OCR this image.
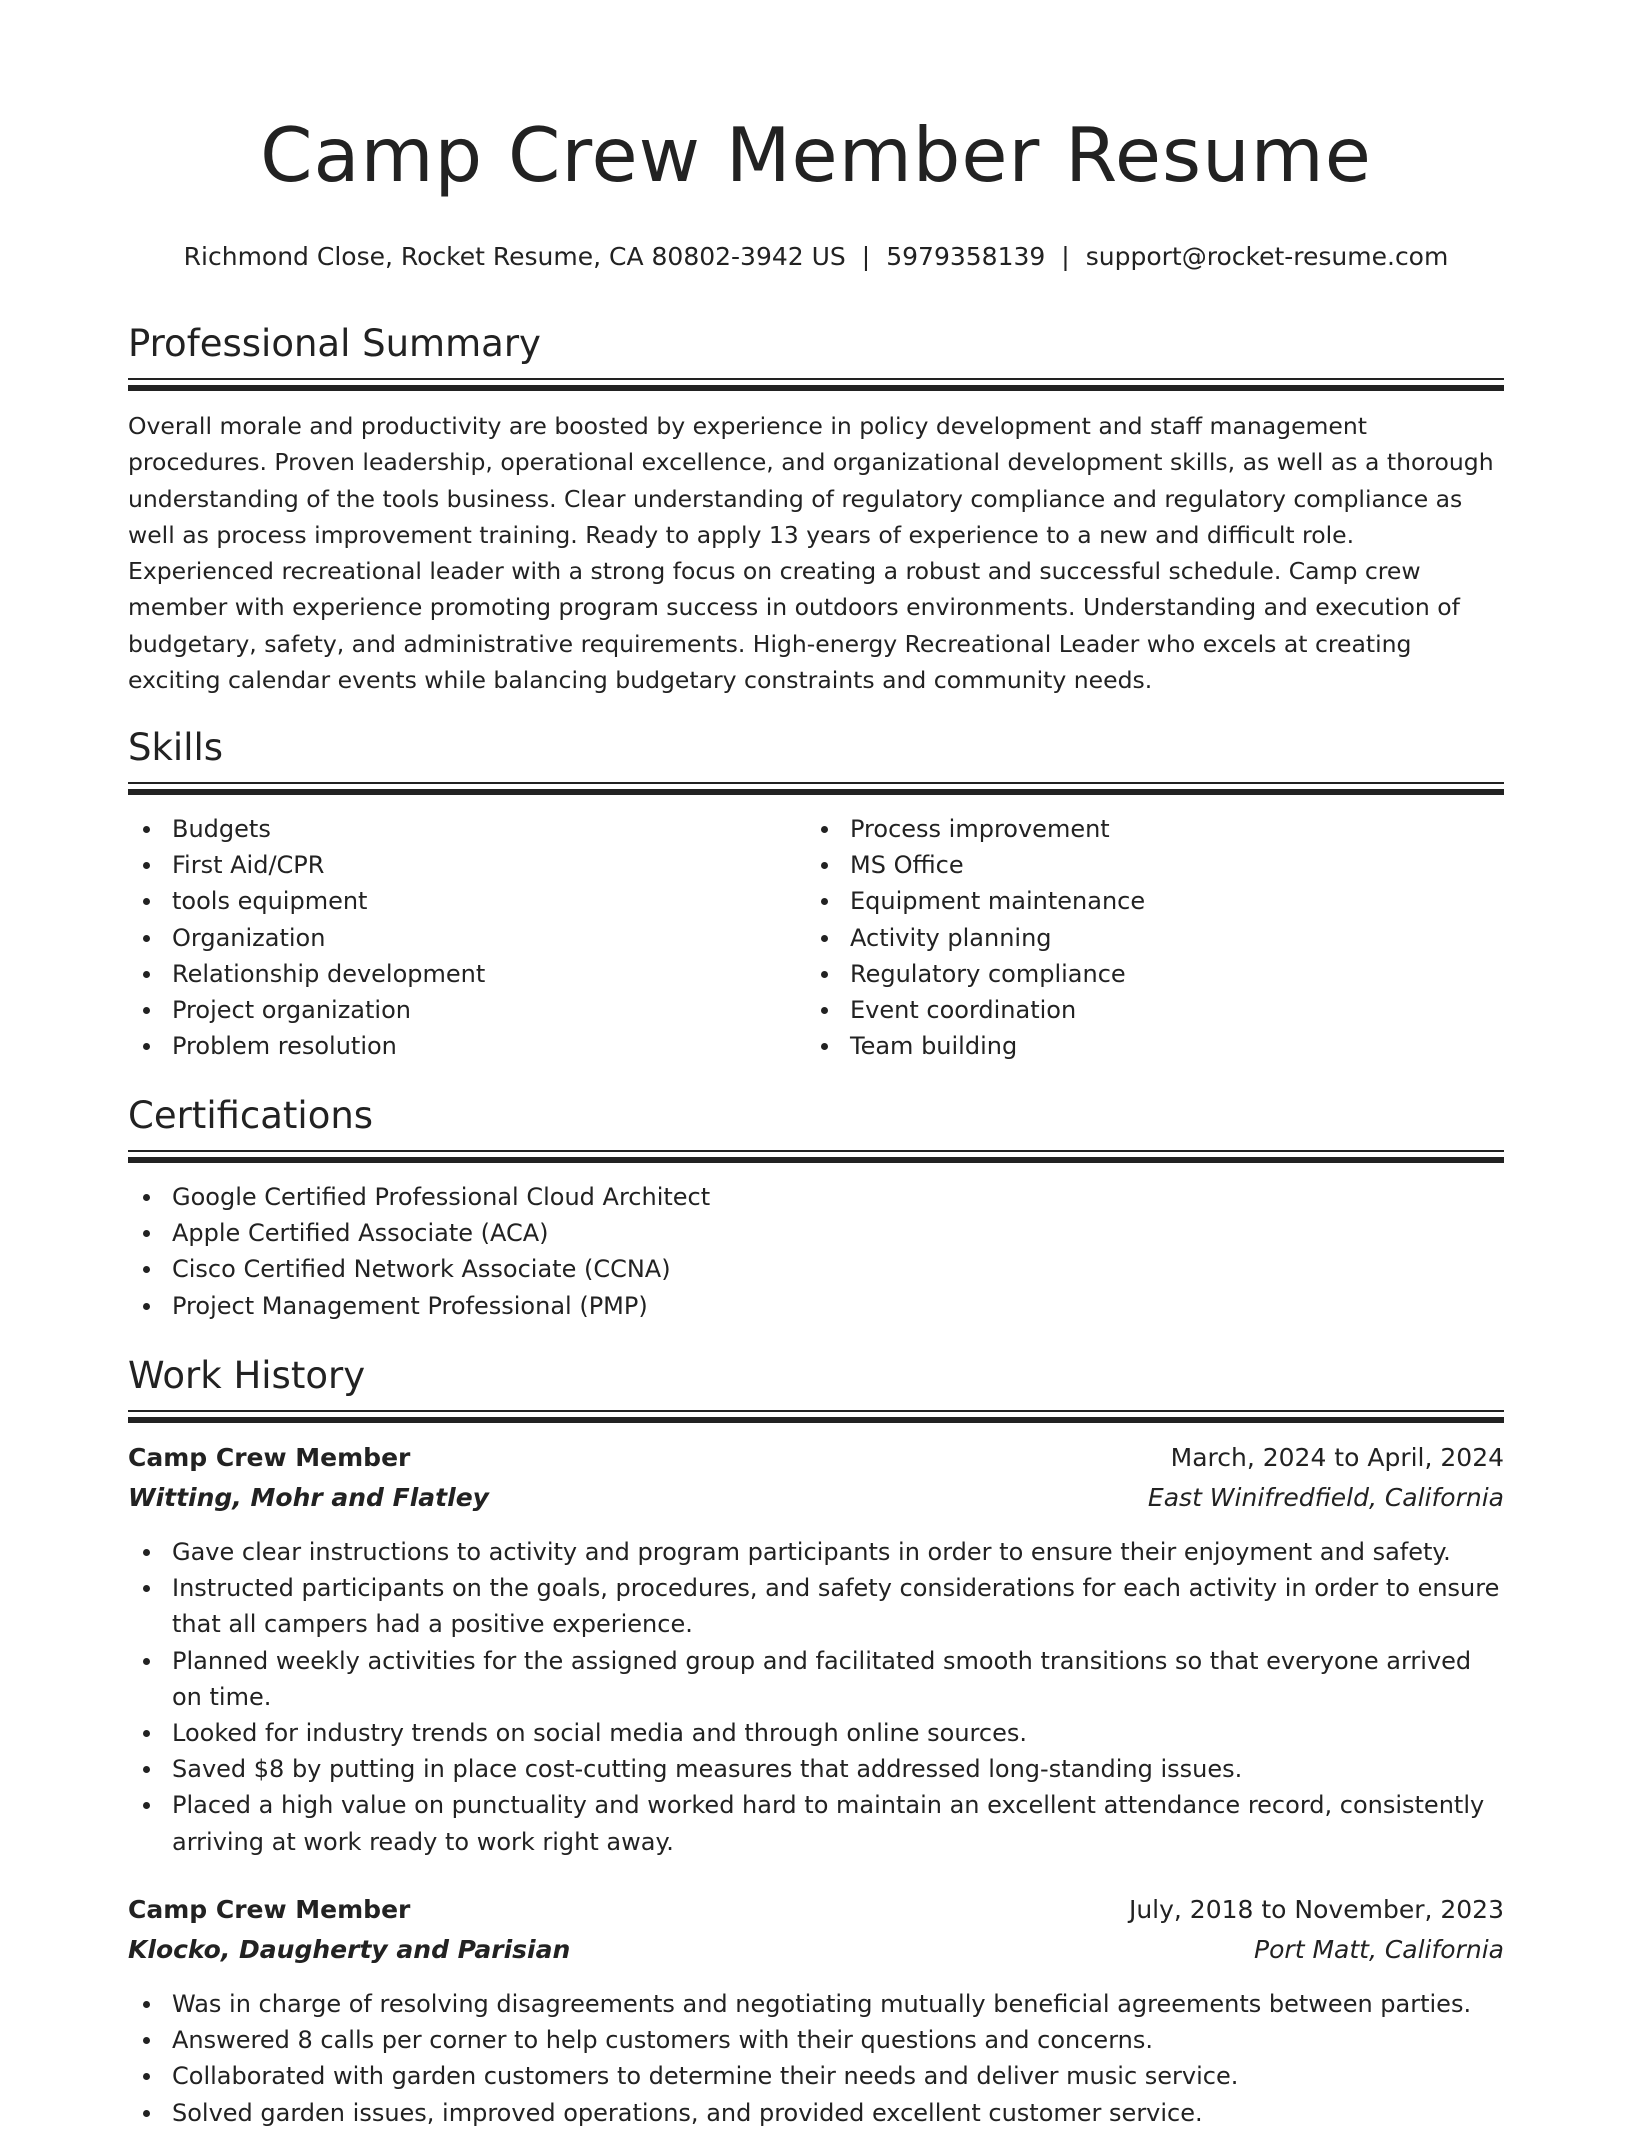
Camp Crew Member Resume
Richmond Close, Rocket Resume, CA 80802-3942 US | 5979358139 | support@rocket-resume.com
Professional Summary

Overall morale and productivity are boosted by experience in policy development and staff management procedures. Proven leadership, operational excellence, and organizational development skills, as well as a thorough understanding of the tools business. Clear understanding of regulatory compliance and regulatory compliance as well as process improvement training. Ready to apply 13 years of experience to a new and difficult role. Experienced recreational leader with a strong focus on creating a robust and successful schedule. Camp crew member with experience promoting program success in outdoors environments. Understanding and execution of budgetary, safety, and administrative requirements. High-energy Recreational Leader who excels at creating exciting calendar events while balancing budgetary constraints and community needs.

Skills
Budgets
First Aid/CPR
tools equipment
Organization
Relationship development
Project organization
Problem resolution
Process improvement
MS Office
Equipment maintenance
Activity planning
Regulatory compliance
Event coordination
Team building
Certifications
Google Certified Professional Cloud Architect
Apple Certified Associate (ACA)
Cisco Certified Network Associate (CCNA)
Project Management Professional (PMP)
Work History
Camp Crew Member	March, 2024 to April, 2024
Witting, Mohr and Flatley	East Winifredfield, California
Gave clear instructions to activity and program participants in order to ensure their enjoyment and safety.
Instructed participants on the goals, procedures, and safety considerations for each activity in order to ensure that all campers had a positive experience.
Planned weekly activities for the assigned group and facilitated smooth transitions so that everyone arrived on time.
Looked for industry trends on social media and through online sources.
Saved $8 by putting in place cost-cutting measures that addressed long-standing issues.
Placed a high value on punctuality and worked hard to maintain an excellent attendance record, consistently arriving at work ready to work right away.
Camp Crew Member	July, 2018 to November, 2023
Klocko, Daugherty and Parisian	Port Matt, California
Was in charge of resolving disagreements and negotiating mutually beneficial agreements between parties.
Answered 8 calls per corner to help customers with their questions and concerns.
Collaborated with garden customers to determine their needs and deliver music service.
Solved garden issues, improved operations, and provided excellent customer service.
